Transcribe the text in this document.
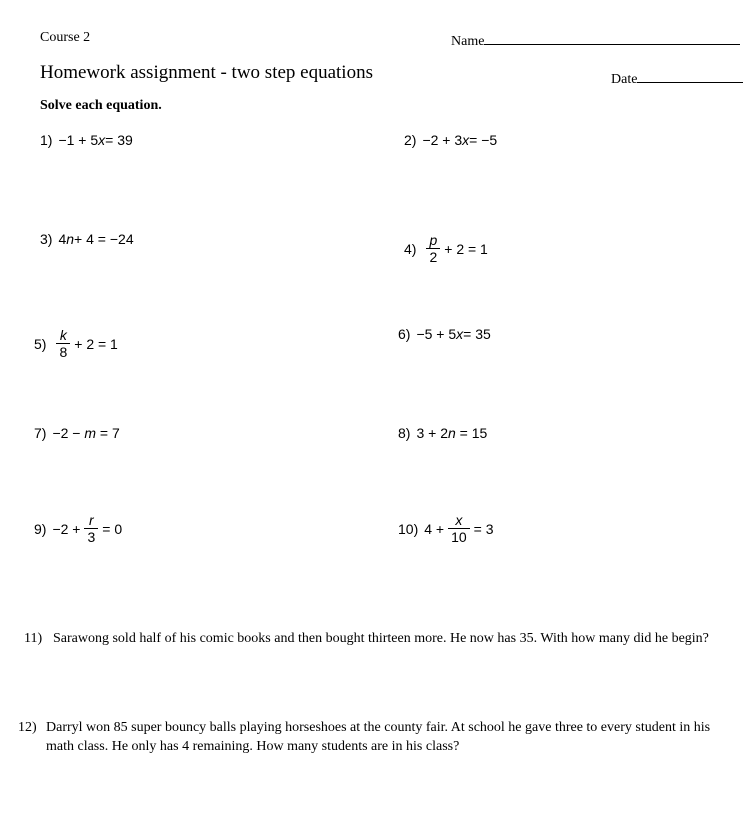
Course 2	Name
Homework assignment - two step equations	Date
Solve each equation.
1) −1 + 5 x = 39	2) −2 + 3 x = −5
3) 4 n + 4 = −24
$4) \frac{p}{2} + 2 = 1$
$5) \frac{k}{8} + 2 = 1$
6) −5 + 5 x = 35
7) −2 − m = 7	8) 3 + 2 n = 15
$9) -2 + \frac{r}{3} = 0$	10) $4 + \frac{x}{10} = 3$
11) Sarawong sold half of his comic books and then bought thirteen more. He now has 35. With how many did he begin?
12) Darryl won 85 super bouncy balls playing horseshoes at the county fair. At school he gave three to every student in his math class. He only has 4 remaining. How many students are in his class?
